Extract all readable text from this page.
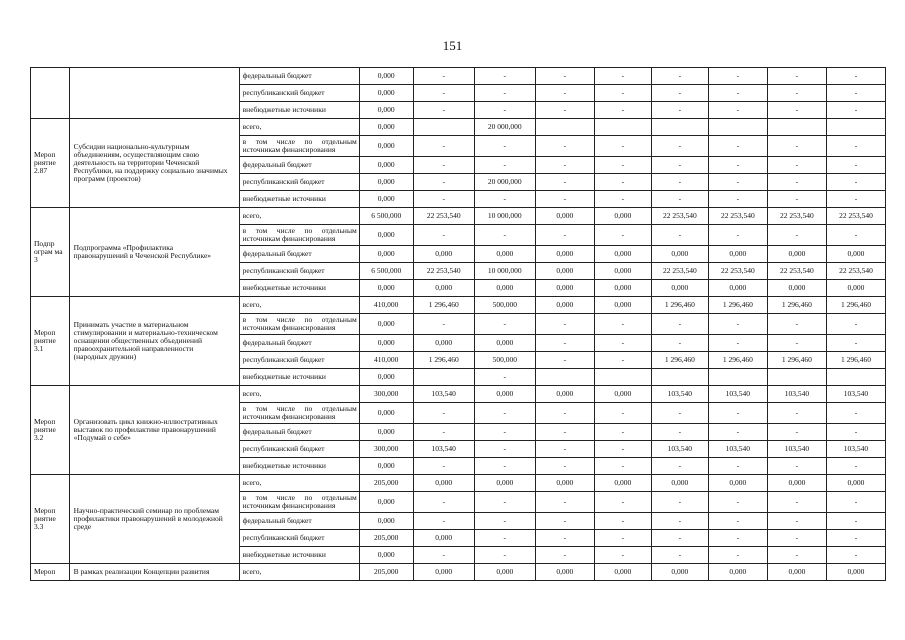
151
		федеральный бюджет	0,000	-	-	-	-	-	-	-	-
		республиканский бюджет	0,000	-	-	-	-	-	-	-	-
		внебюджетные источники	0,000	-	-	-	-	-	-	-	-
Мероп риятие 2.87	Субсидии национально-культурным объединениям, осуществляющим свою деятельность на территории Чеченской Республики, на поддержку социально значимых программ (проектов)	всего,	0,000		20 000,000						
		в том числе по отдельным источникам финансирования	0,000	-	-	-	-	-	-	-	-
		федеральный бюджет	0,000	-	-	-	-	-	-	-	-
		республиканский бюджет	0,000	-	20 000,000	-	-	-	-	-	-
		внебюджетные источники	0,000	-	-	-	-	-	-	-	-
Подпр ограм ма 3	Подпрограмма «Профилактика правонарушений в Чеченской Республике»	всего,	6 500,000	22 253,540	10 000,000	0,000	0,000	22 253,540	22 253,540	22 253,540	22 253,540
		в том числе по отдельным источникам финансирования	0,000	-	-	-	-	-	-	-	-
		федеральный бюджет	0,000	0,000	0,000	0,000	0,000	0,000	0,000	0,000	0,000
		республиканский бюджет	6 500,000	22 253,540	10 000,000	0,000	0,000	22 253,540	22 253,540	22 253,540	22 253,540
		внебюджетные источники	0,000	0,000	0,000	0,000	0,000	0,000	0,000	0,000	0,000
Мероп риятие 3.1	Принимать участие в материальном стимулировании и материально-техническом оснащении общественных объединений правоохранительной направленности (народных дружин)	всего,	410,000	1 296,460	500,000	0,000	0,000	1 296,460	1 296,460	1 296,460	1 296,460
		в том числе по отдельным источникам финансирования	0,000	-	-	-	-	-	-	-	-
		федеральный бюджет	0,000	0,000	0,000	-	-	-	-	-	-
		республиканский бюджет	410,000	1 296,460	500,000	-	-	1 296,460	1 296,460	1 296,460	1 296,460
		внебюджетные источники	0,000		-						
Мероп риятие 3.2	Организовать цикл книжно-иллюстративных выставок по профилактике правонарушений «Подумай о себе»	всего,	300,000	103,540	0,000	0,000	0,000	103,540	103,540	103,540	103,540
		в том числе по отдельным источникам финансирования	0,000	-	-	-	-	-	-	-	-
		федеральный бюджет	0,000	-	-	-	-	-	-	-	-
		республиканский бюджет	300,000	103,540	-	-	-	103,540	103,540	103,540	103,540
		внебюджетные источники	0,000	-	-	-	-	-	-	-	-
Мероп риятие 3.3	Научно-практический семинар по проблемам профилактики правонарушений в молодежной среде	всего,	205,000	0,000	0,000	0,000	0,000	0,000	0,000	0,000	0,000
		в том числе по отдельным источникам финансирования	0,000	-	-	-	-	-	-	-	-
		федеральный бюджет	0,000	-	-	-	-	-	-	-	-
		республиканский бюджет	205,000	0,000	-	-	-	-	-	-	-
		внебюджетные источники	0,000	-	-	-	-	-	-	-	-
Мероп	В рамках реализации Концепции развития	всего,	205,000	0,000	0,000	0,000	0,000	0,000	0,000	0,000	0,000
